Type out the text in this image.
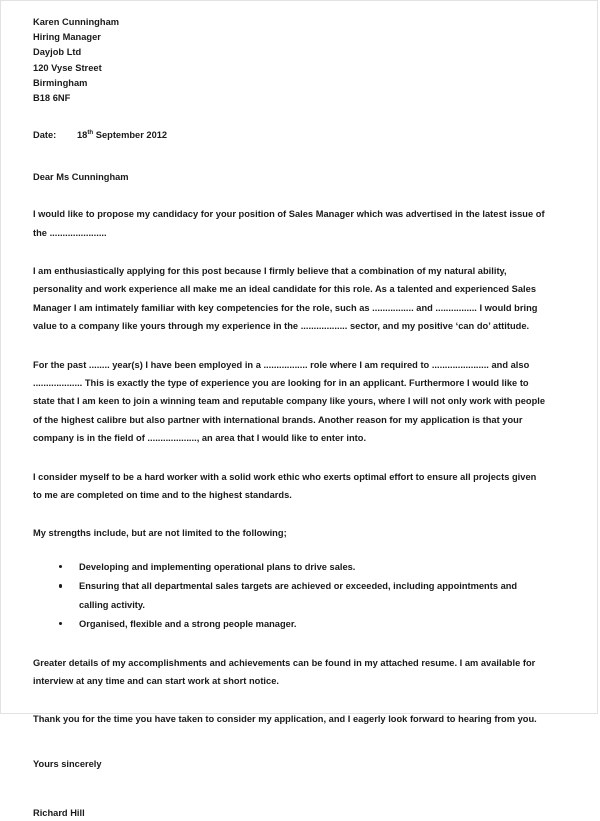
Karen Cunningham
Hiring Manager
Dayjob Ltd
120 Vyse Street
Birmingham
B18 6NF
Date: 18th September 2012
Dear Ms Cunningham

I would like to propose my candidacy for your position of Sales Manager which was advertised in the latest issue of the ......................

I am enthusiastically applying for this post because I firmly believe that a combination of my natural ability, personality and work experience all make me an ideal candidate for this role. As a talented and experienced Sales Manager I am intimately familiar with key competencies for the role, such as ................ and ................ I would bring value to a company like yours through my experience in the .................. sector, and my positive ‘can do’ attitude.

For the past ........ year(s) I have been employed in a ................. role where I am required to ...................... and also ................... This is exactly the type of experience you are looking for in an applicant. Furthermore I would like to state that I am keen to join a winning team and reputable company like yours, where I will not only work with people of the highest calibre but also partner with international brands. Another reason for my application is that your company is in the field of ..................., an area that I would like to enter into.

I consider myself to be a hard worker with a solid work ethic who exerts optimal effort to ensure all projects given to me are completed on time and to the highest standards.

My strengths include, but are not limited to the following;

Developing and implementing operational plans to drive sales.
Ensuring that all departmental sales targets are achieved or exceeded, including appointments and calling activity.
Organised, flexible and a strong people manager.

Greater details of my accomplishments and achievements can be found in my attached resume. I am available for interview at any time and can start work at short notice.

Thank you for the time you have taken to consider my application, and I eagerly look forward to hearing from you.

Yours sincerely
Richard Hill
